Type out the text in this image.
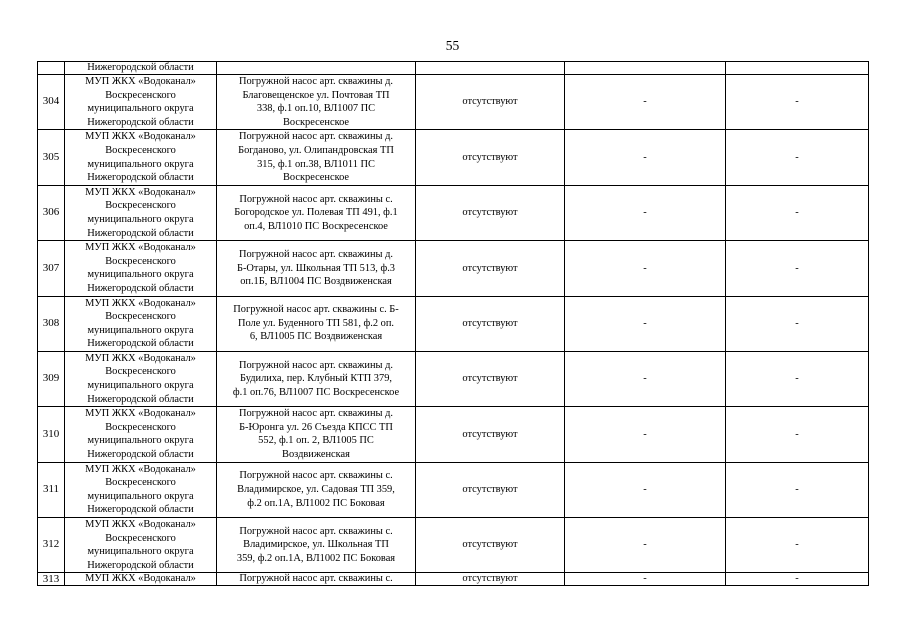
55
	Нижегородской области				
304	МУП ЖКХ «Водоканал»
Воскресенского
муниципального округа
Нижегородской области	Погружной насос арт. скважины д.
Благовещенское ул. Почтовая ТП
338, ф.1 оп.10, ВЛ1007 ПС
Воскресенское	отсутствуют	-	-
305	МУП ЖКХ «Водоканал»
Воскресенского
муниципального округа
Нижегородской области	Погружной насос арт. скважины д.
Богданово, ул. Олипандровская ТП
315, ф.1 оп.38, ВЛ1011 ПС
Воскресенское	отсутствуют	-	-
306	МУП ЖКХ «Водоканал»
Воскресенского
муниципального округа
Нижегородской области	Погружной насос арт. скважины с.
Богородское ул. Полевая ТП 491, ф.1
оп.4, ВЛ1010 ПС Воскресенское	отсутствуют	-	-
307	МУП ЖКХ «Водоканал»
Воскресенского
муниципального округа
Нижегородской области	Погружной насос арт. скважины д.
Б-Отары, ул. Школьная ТП 513, ф.3
оп.1Б, ВЛ1004 ПС Воздвиженская	отсутствуют	-	-
308	МУП ЖКХ «Водоканал»
Воскресенского
муниципального округа
Нижегородской области	Погружной насос арт. скважины с. Б-
Поле ул. Буденного ТП 581, ф.2 оп.
6, ВЛ1005 ПС Воздвиженская	отсутствуют	-	-
309	МУП ЖКХ «Водоканал»
Воскресенского
муниципального округа
Нижегородской области	Погружной насос арт. скважины д.
Будилиха, пер. Клубный КТП 379,
ф.1 оп.76, ВЛ1007 ПС Воскресенское	отсутствуют	-	-
310	МУП ЖКХ «Водоканал»
Воскресенского
муниципального округа
Нижегородской области	Погружной насос арт. скважины д.
Б-Юронга ул. 26 Съезда КПСС ТП
552, ф.1 оп. 2, ВЛ1005 ПС
Воздвиженская	отсутствуют	-	-
311	МУП ЖКХ «Водоканал»
Воскресенского
муниципального округа
Нижегородской области	Погружной насос арт. скважины с.
Владимирское, ул. Садовая ТП 359,
ф.2 оп.1А, ВЛ1002 ПС Боковая	отсутствуют	-	-
312	МУП ЖКХ «Водоканал»
Воскресенского
муниципального округа
Нижегородской области	Погружной насос арт. скважины с.
Владимирское, ул. Школьная ТП
359, ф.2 оп.1А, ВЛ1002 ПС Боковая	отсутствуют	-	-
313	МУП ЖКХ «Водоканал»	Погружной насос арт. скважины с.	отсутствуют	-	-
